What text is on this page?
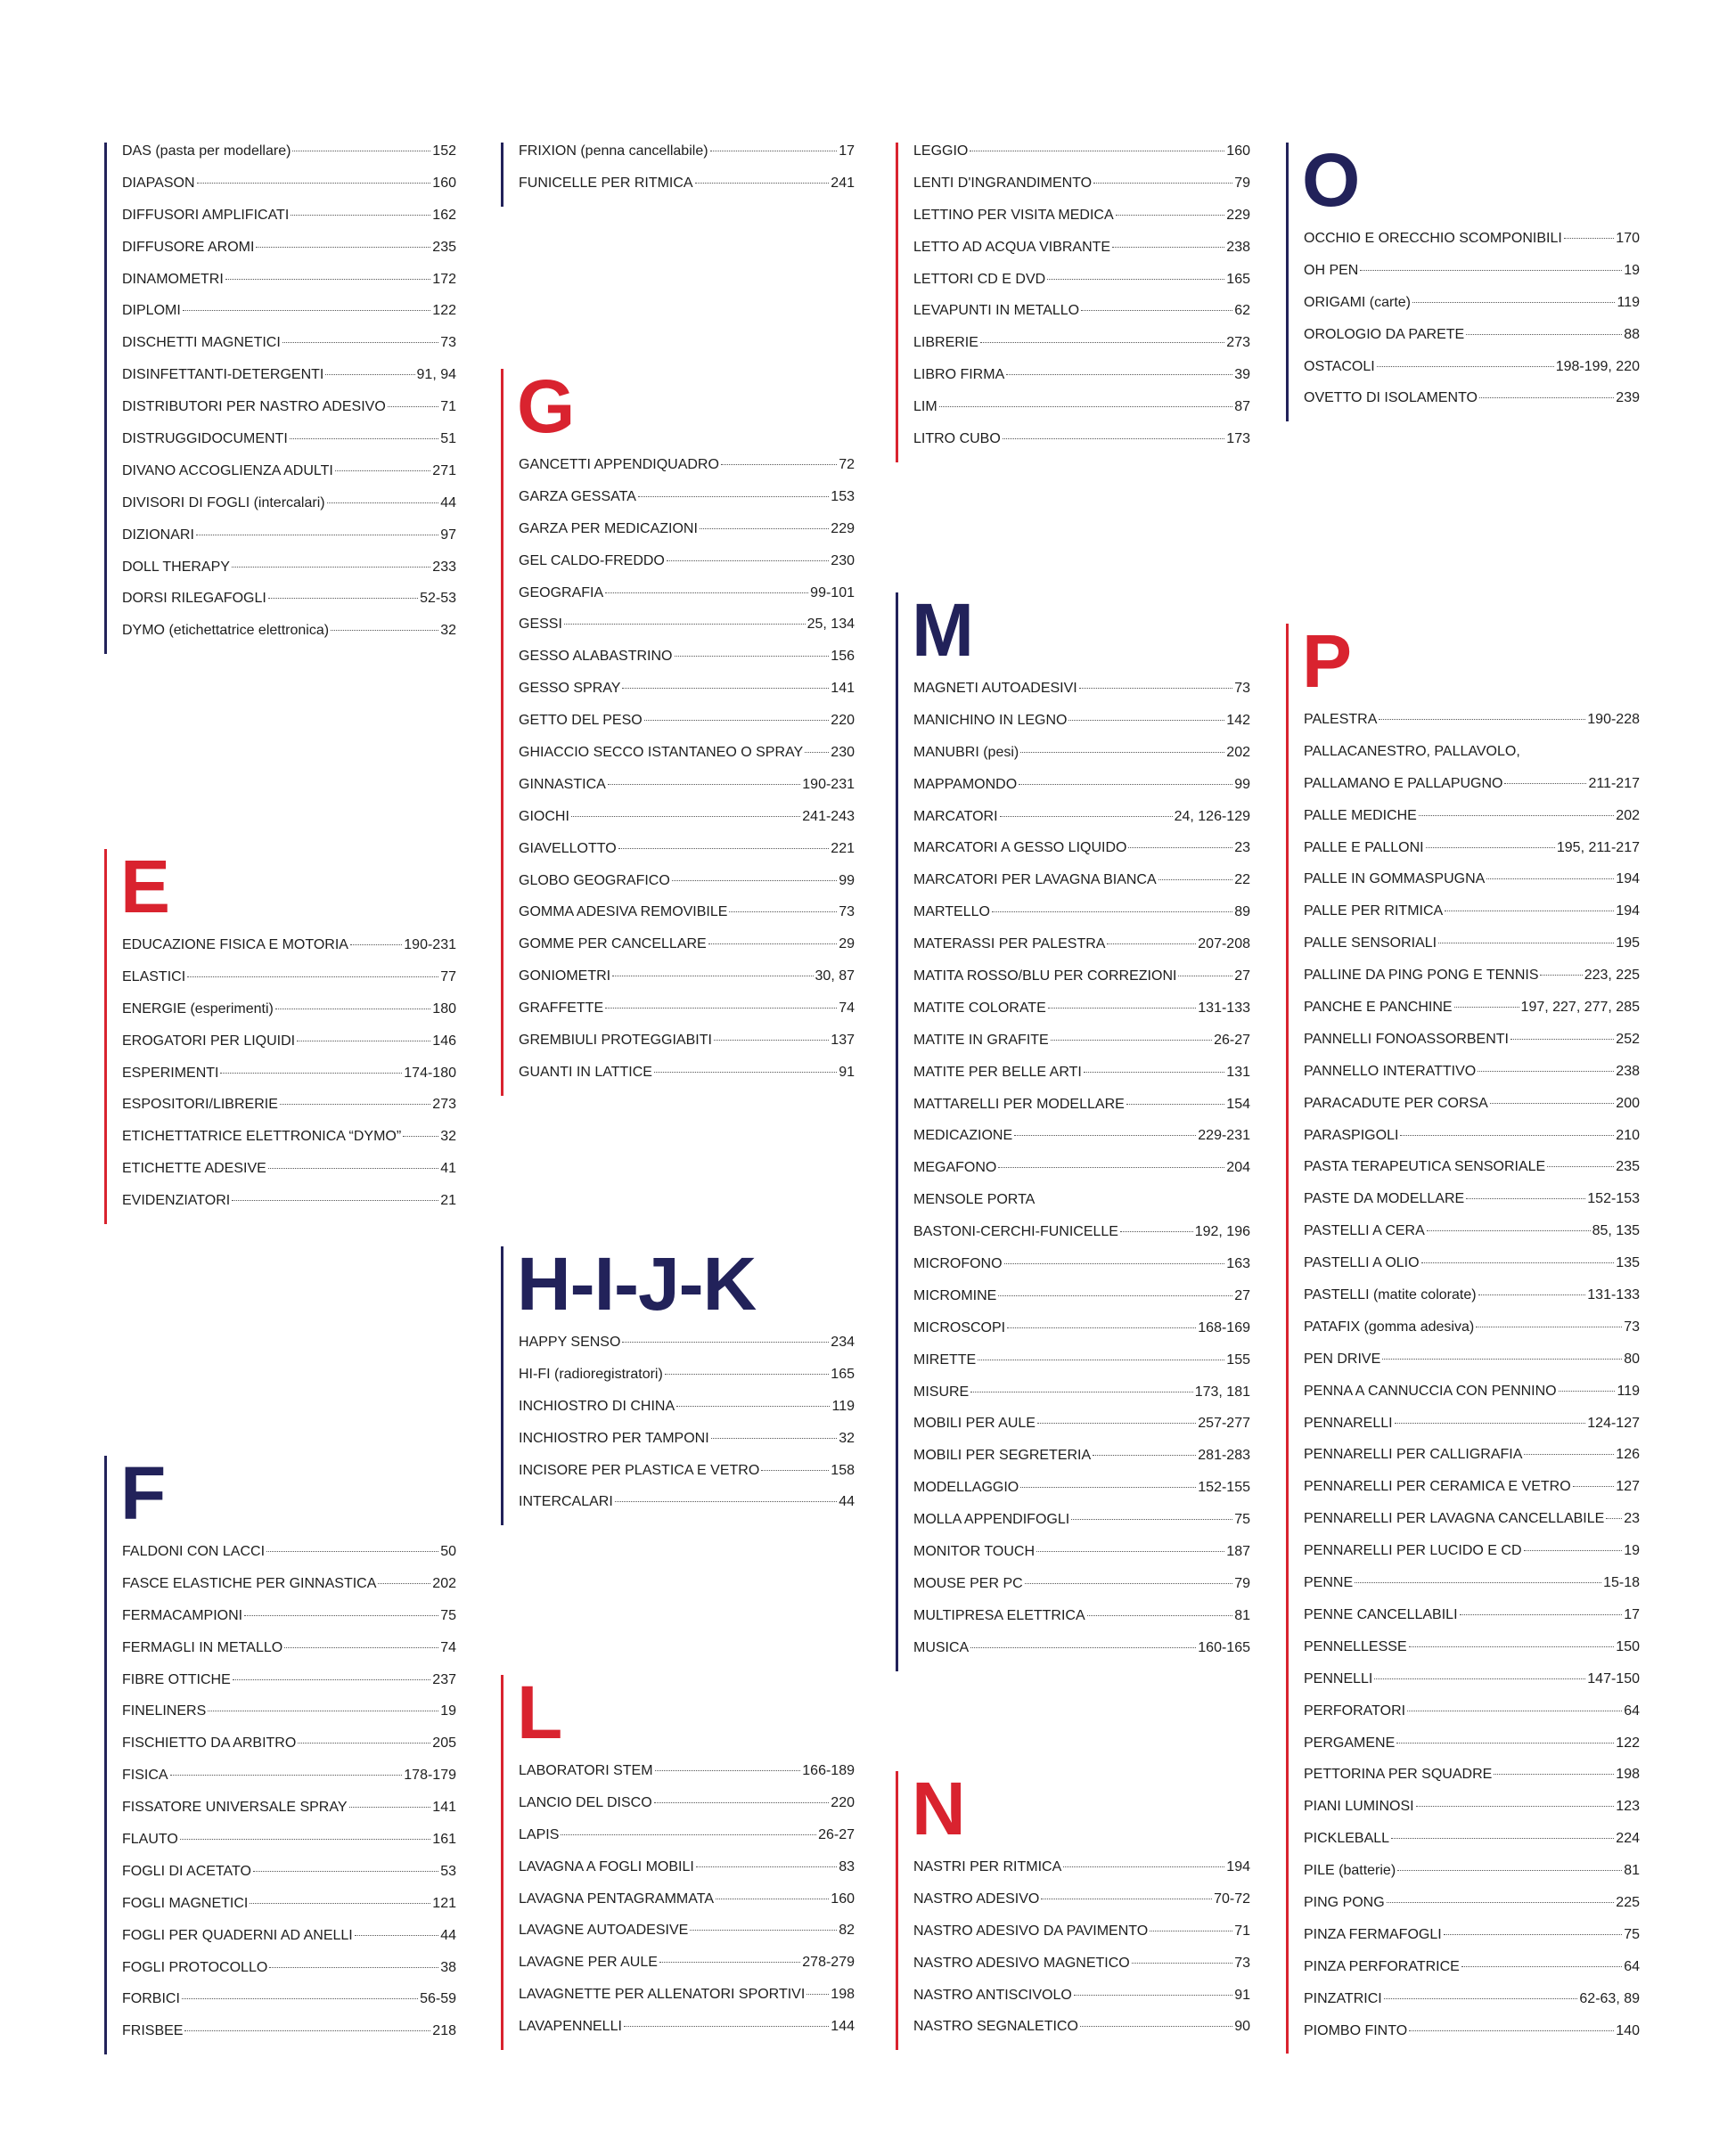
DAS (pasta per modellare)	152
DIAPASON	160
DIFFUSORI AMPLIFICATI	162
DIFFUSORE AROMI	235
DINAMOMETRI	172
DIPLOMI	122
DISCHETTI MAGNETICI	73
DISINFETTANTI-DETERGENTI	91, 94
DISTRIBUTORI PER NASTRO ADESIVO	71
DISTRUGGIDOCUMENTI	51
DIVANO ACCOGLIENZA ADULTI	271
DIVISORI DI FOGLI (intercalari)	44
DIZIONARI	97
DOLL THERAPY	233
DORSI RILEGAFOGLI	52-53
DYMO (etichettatrice elettronica)	32
E
EDUCAZIONE FISICA E MOTORIA	190-231
ELASTICI	77
ENERGIE (esperimenti)	180
EROGATORI PER LIQUIDI	146
ESPERIMENTI	174-180
ESPOSITORI/LIBRERIE	273
ETICHETTATRICE ELETTRONICA “DYMO”	32
ETICHETTE ADESIVE	41
EVIDENZIATORI	21
F
FALDONI CON LACCI	50
FASCE ELASTICHE PER GINNASTICA	202
FERMACAMPIONI	75
FERMAGLI IN METALLO	74
FIBRE OTTICHE	237
FINELINERS	19
FISCHIETTO DA ARBITRO	205
FISICA	178-179
FISSATORE UNIVERSALE SPRAY	141
FLAUTO	161
FOGLI DI ACETATO	53
FOGLI MAGNETICI	121
FOGLI PER QUADERNI AD ANELLI	44
FOGLI PROTOCOLLO	38
FORBICI	56-59
FRISBEE	218
FRIXION (penna cancellabile)	17
FUNICELLE PER RITMICA	241
G
GANCETTI APPENDIQUADRO	72
GARZA GESSATA	153
GARZA PER MEDICAZIONI	229
GEL CALDO-FREDDO	230
GEOGRAFIA	99-101
GESSI	25, 134
GESSO ALABASTRINO	156
GESSO SPRAY	141
GETTO DEL PESO	220
GHIACCIO SECCO ISTANTANEO O SPRAY 230
GINNASTICA	190-231
GIOCHI	241-243
GIAVELLOTTO	221
GLOBO GEOGRAFICO	99
GOMMA ADESIVA REMOVIBILE	73
GOMME PER CANCELLARE	29
GONIOMETRI	30, 87
GRAFFETTE	74
GREMBIULI PROTEGGIABITI	137
GUANTI IN LATTICE	91
H-I-J-K
HAPPY SENSO	234
HI-FI (radioregistratori)	165
INCHIOSTRO DI CHINA	119
INCHIOSTRO PER TAMPONI	32
INCISORE PER PLASTICA E VETRO	158
INTERCALARI	44
L
LABORATORI STEM	166-189
LANCIO DEL DISCO	220
LAPIS	26-27
LAVAGNA A FOGLI MOBILI	83
LAVAGNA PENTAGRAMMATA	160
LAVAGNE AUTOADESIVE	82
LAVAGNE PER AULE	278-279
LAVAGNETTE PER ALLENATORI SPORTIVI 198
LAVAPENNELLI	144
LEGGIO	160
LENTI D'INGRANDIMENTO	79
LETTINO PER VISITA MEDICA	229
LETTO AD ACQUA VIBRANTE	238
LETTORI CD E DVD	165
LEVAPUNTI IN METALLO	62
LIBRERIE	273
LIBRO FIRMA	39
LIM	87
LITRO CUBO	173
M
MAGNETI AUTOADESIVI	73
MANICHINO IN LEGNO	142
MANUBRI (pesi)	202
MAPPAMONDO	99
MARCATORI	24, 126-129
MARCATORI A GESSO LIQUIDO	23
MARCATORI PER LAVAGNA BIANCA	22
MARTELLO	89
MATERASSI PER PALESTRA	207-208
MATITA ROSSO/BLU PER CORREZIONI	27
MATITE COLORATE	131-133
MATITE IN GRAFITE	26-27
MATITE PER BELLE ARTI	131
MATTARELLI PER MODELLARE	154
MEDICAZIONE	229-231
MEGAFONO	204
MENSOLE PORTA
BASTONI-CERCHI-FUNICELLE	192, 196
MICROFONO	163
MICROMINE	27
MICROSCOPI	168-169
MIRETTE	155
MISURE	173, 181
MOBILI PER AULE	257-277
MOBILI PER SEGRETERIA	281-283
MODELLAGGIO	152-155
MOLLA APPENDIFOGLI	75
MONITOR TOUCH	187
MOUSE PER PC	79
MULTIPRESA ELETTRICA	81
MUSICA	160-165
N
NASTRI PER RITMICA	194
NASTRO ADESIVO	70-72
NASTRO ADESIVO DA PAVIMENTO	71
NASTRO ADESIVO MAGNETICO	73
NASTRO ANTISCIVOLO	91
NASTRO SEGNALETICO	90
O
OCCHIO E ORECCHIO SCOMPONIBILI	170
OH PEN	19
ORIGAMI (carte)	119
OROLOGIO DA PARETE	88
OSTACOLI	198-199, 220
OVETTO DI ISOLAMENTO	239
P
PALESTRA	190-228
PALLACANESTRO, PALLAVOLO,
PALLAMANO E PALLAPUGNO	211-217
PALLE MEDICHE	202
PALLE E PALLONI	195, 211-217
PALLE IN GOMMASPUGNA	194
PALLE PER RITMICA	194
PALLE SENSORIALI	195
PALLINE DA PING PONG E TENNIS	223, 225
PANCHE E PANCHINE	197, 227, 277, 285
PANNELLI FONOASSORBENTI	252
PANNELLO INTERATTIVO	238
PARACADUTE PER CORSA	200
PARASPIGOLI	210
PASTA TERAPEUTICA SENSORIALE	235
PASTE DA MODELLARE	152-153
PASTELLI A CERA	85, 135
PASTELLI A OLIO	135
PASTELLI (matite colorate)	131-133
PATAFIX (gomma adesiva)	73
PEN DRIVE	80
PENNA A CANNUCCIA CON PENNINO	119
PENNARELLI	124-127
PENNARELLI PER CALLIGRAFIA	126
PENNARELLI PER CERAMICA E VETRO	127
PENNARELLI PER LAVAGNA CANCELLABILE 23
PENNARELLI PER LUCIDO E CD	19
PENNE	15-18
PENNE CANCELLABILI	17
PENNELLESSE	150
PENNELLI	147-150
PERFORATORI	64
PERGAMENE	122
PETTORINA PER SQUADRE	198
PIANI LUMINOSI	123
PICKLEBALL	224
PILE (batterie)	81
PING PONG	225
PINZA FERMAFOGLI	75
PINZA PERFORATRICE	64
PINZATRICI	62-63, 89
PIOMBO FINTO	140
